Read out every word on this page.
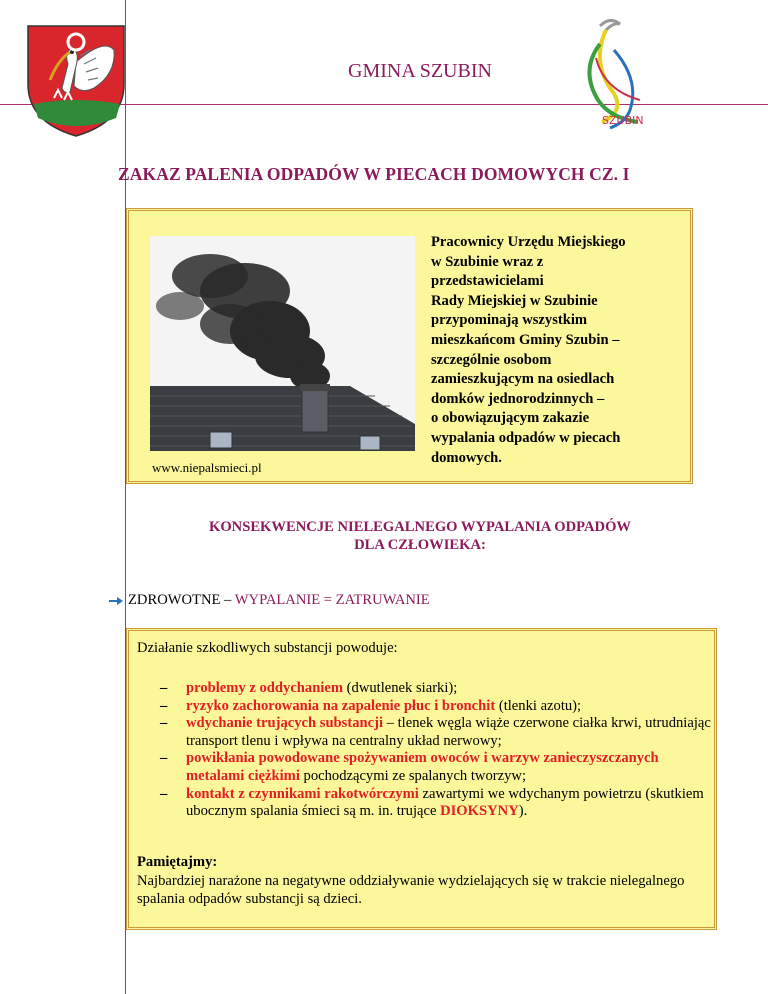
SZUBIN
GMINA SZUBIN
ZAKAZ PALENIA ODPADÓW W PIECACH DOMOWYCH CZ. I
www.niepalsmieci.pl
Pracownicy Urzędu Miejskiego
w Szubinie wraz z
przedstawicielami
Rady Miejskiej w Szubinie
przypominają wszystkim
mieszkańcom Gminy Szubin –
szczególnie osobom
zamieszkującym na osiedlach
domków jednorodzinnych –
o obowiązującym zakazie
wypalania odpadów w piecach
domowych.
KONSEKWENCJE NIELEGALNEGO WYPALANIA ODPADÓW
DLA CZŁOWIEKA:
ZDROWOTNE – WYPALANIE = ZATRUWANIE
Działanie szkodliwych substancji powoduje:
– problemy z oddychaniem (dwutlenek siarki);
– ryzyko zachorowania na zapalenie płuc i bronchit (tlenki azotu);
– wdychanie trujących substancji – tlenek węgla wiąże czerwone ciałka krwi, utrudniając transport tlenu i wpływa na centralny układ nerwowy;
– powikłania powodowane spożywaniem owoców i warzyw zanieczyszczanych metalami ciężkimi pochodzącymi ze spalanych tworzyw;
– kontakt z czynnikami rakotwórczymi zawartymi we wdychanym powietrzu (skutkiem ubocznym spalania śmieci są m. in. trujące DIOKSYNY).
Pamiętajmy:
Najbardziej narażone na negatywne oddziaływanie wydzielających się w trakcie nielegalnego spalania odpadów substancji są dzieci.
